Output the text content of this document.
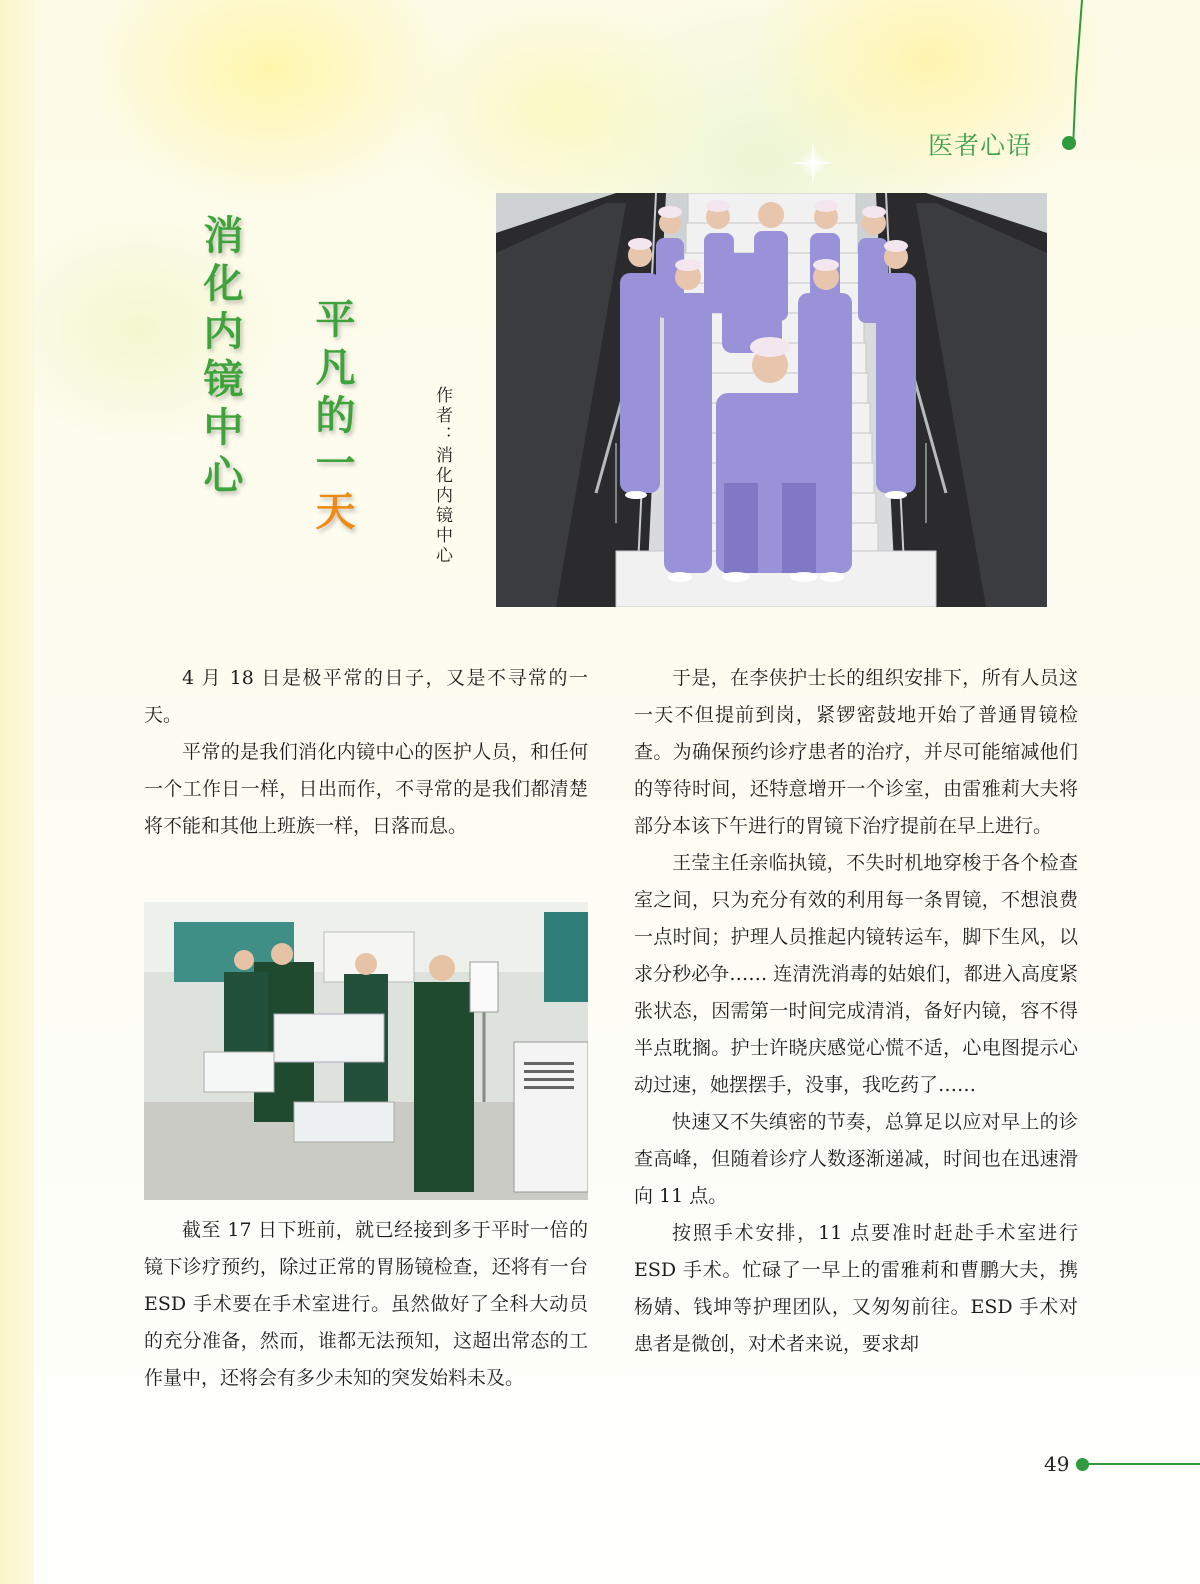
医者心语
消化内镜中心 平凡的一天	作者：消化内镜中心

4 月 18 日是极平常的日子，又是不寻常的一天。

平常的是我们消化内镜中心的医护人员，和任何一个工作日一样，日出而作，不寻常的是我们都清楚将不能和其他上班族一样，日落而息。

截至 17 日下班前，就已经接到多于平时一倍的镜下诊疗预约，除过正常的胃肠镜检查，还将有一台 ESD 手术要在手术室进行。虽然做好了全科大动员的充分准备，然而，谁都无法预知，这超出常态的工作量中，还将会有多少未知的突发始料未及。

于是，在李侠护士长的组织安排下，所有人员这一天不但提前到岗，紧锣密鼓地开始了普通胃镜检查。为确保预约诊疗患者的治疗，并尽可能缩减他们的等待时间，还特意增开一个诊室，由雷雅莉大夫将部分本该下午进行的胃镜下治疗提前在早上进行。

王莹主任亲临执镜，不失时机地穿梭于各个检查室之间，只为充分有效的利用每一条胃镜，不想浪费一点时间；护理人员推起内镜转运车，脚下生风，以求分秒必争…… 连清洗消毒的姑娘们，都进入高度紧张状态，因需第一时间完成清消，备好内镜，容不得半点耽搁。护士许晓庆感觉心慌不适，心电图提示心动过速，她摆摆手，没事，我吃药了……

快速又不失缜密的节奏，总算足以应对早上的诊查高峰，但随着诊疗人数逐渐递减，时间也在迅速滑向 11 点。

按照手术安排，11 点要准时赶赴手术室进行 ESD 手术。忙碌了一早上的雷雅莉和曹鹏大夫，携杨婧、钱坤等护理团队，又匆匆前往。ESD 手术对患者是微创，对术者来说，要求却

49
